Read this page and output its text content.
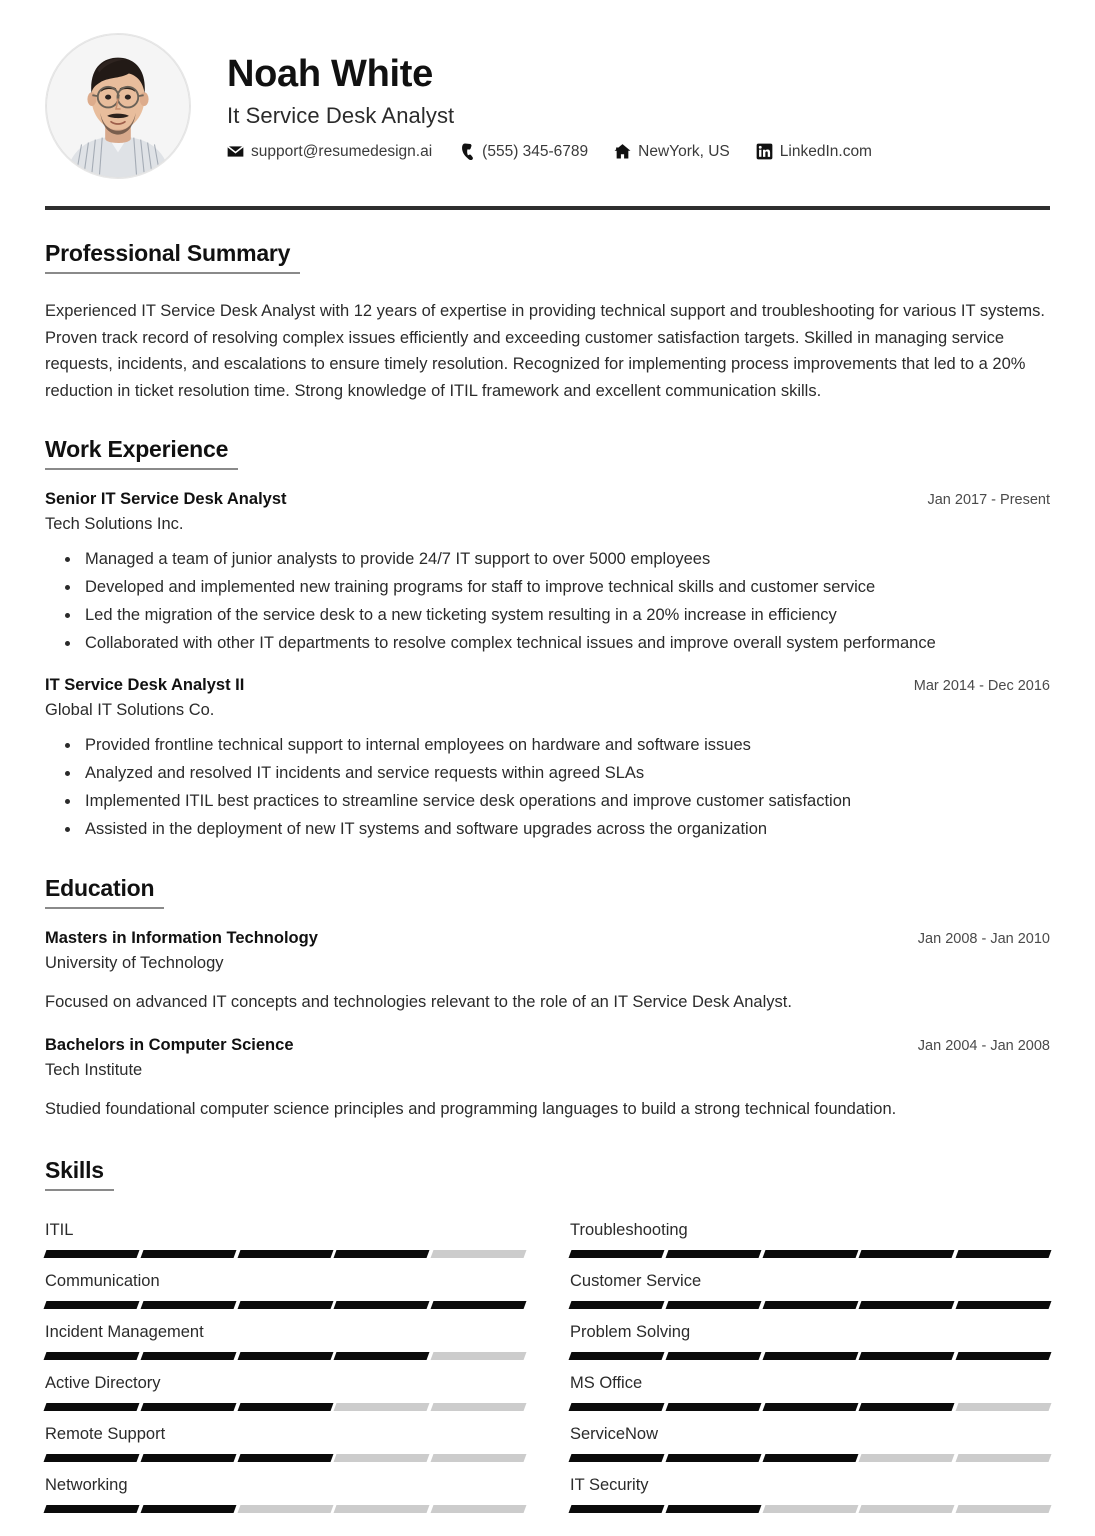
Noah White
It Service Desk Analyst
support@resumedesign.ai	(555) 345-6789	NewYork, US	LinkedIn.com
Professional Summary

Experienced IT Service Desk Analyst with 12 years of expertise in providing technical support and troubleshooting for various IT systems. Proven track record of resolving complex issues efficiently and exceeding customer satisfaction targets. Skilled in managing service requests, incidents, and escalations to ensure timely resolution. Recognized for implementing process improvements that led to a 20% reduction in ticket resolution time. Strong knowledge of ITIL framework and excellent communication skills.

Work Experience
Senior IT Service Desk Analyst	Jan 2017 - Present
Tech Solutions Inc.
• Managed a team of junior analysts to provide 24/7 IT support to over 5000 employees
• Developed and implemented new training programs for staff to improve technical skills and customer service
• Led the migration of the service desk to a new ticketing system resulting in a 20% increase in efficiency
• Collaborated with other IT departments to resolve complex technical issues and improve overall system performance
IT Service Desk Analyst II	Mar 2014 - Dec 2016
Global IT Solutions Co.
• Provided frontline technical support to internal employees on hardware and software issues
• Analyzed and resolved IT incidents and service requests within agreed SLAs
• Implemented ITIL best practices to streamline service desk operations and improve customer satisfaction
• Assisted in the deployment of new IT systems and software upgrades across the organization
Education
Masters in Information Technology	Jan 2008 - Jan 2010
University of Technology

Focused on advanced IT concepts and technologies relevant to the role of an IT Service Desk Analyst.

Bachelors in Computer Science	Jan 2004 - Jan 2008
Tech Institute

Studied foundational computer science principles and programming languages to build a strong technical foundation.

Skills
ITIL	Troubleshooting
Communication	Customer Service
Incident Management	Problem Solving
Active Directory	MS Office
Remote Support	ServiceNow
Networking	IT Security
